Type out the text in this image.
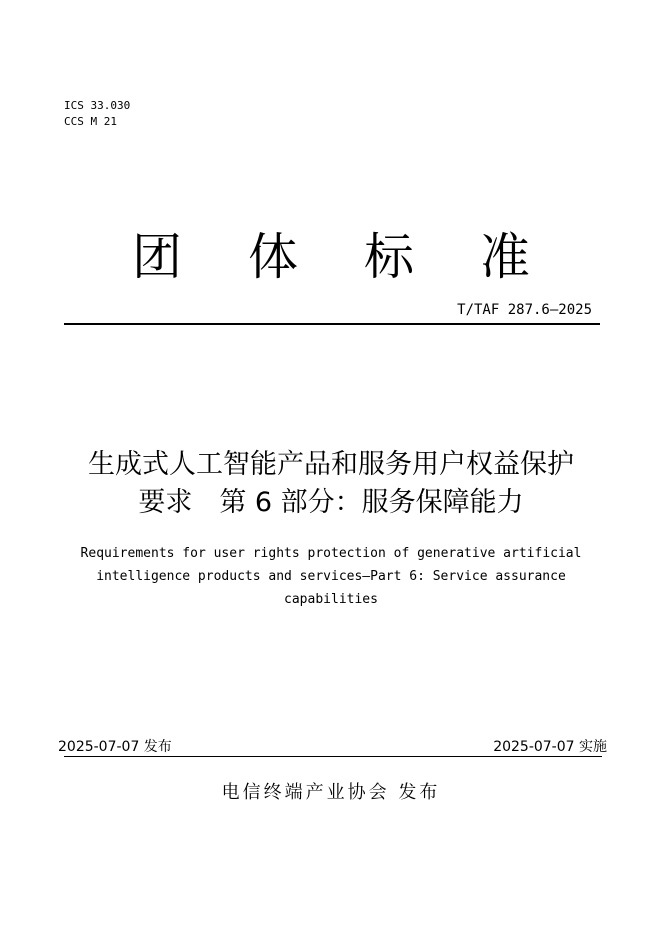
ICS 33.030
CCS M 21
团 体 标 准
T/TAF 287.6—2025
生成式人工智能产品和服务用户权益保护
要求　第 6 部分：服务保障能力
Requirements for user rights protection of generative artificial
intelligence products and services—Part 6: Service assurance
capabilities
2025-07-07 发布	2025-07-07 实施
电信终端产业协会 发布
